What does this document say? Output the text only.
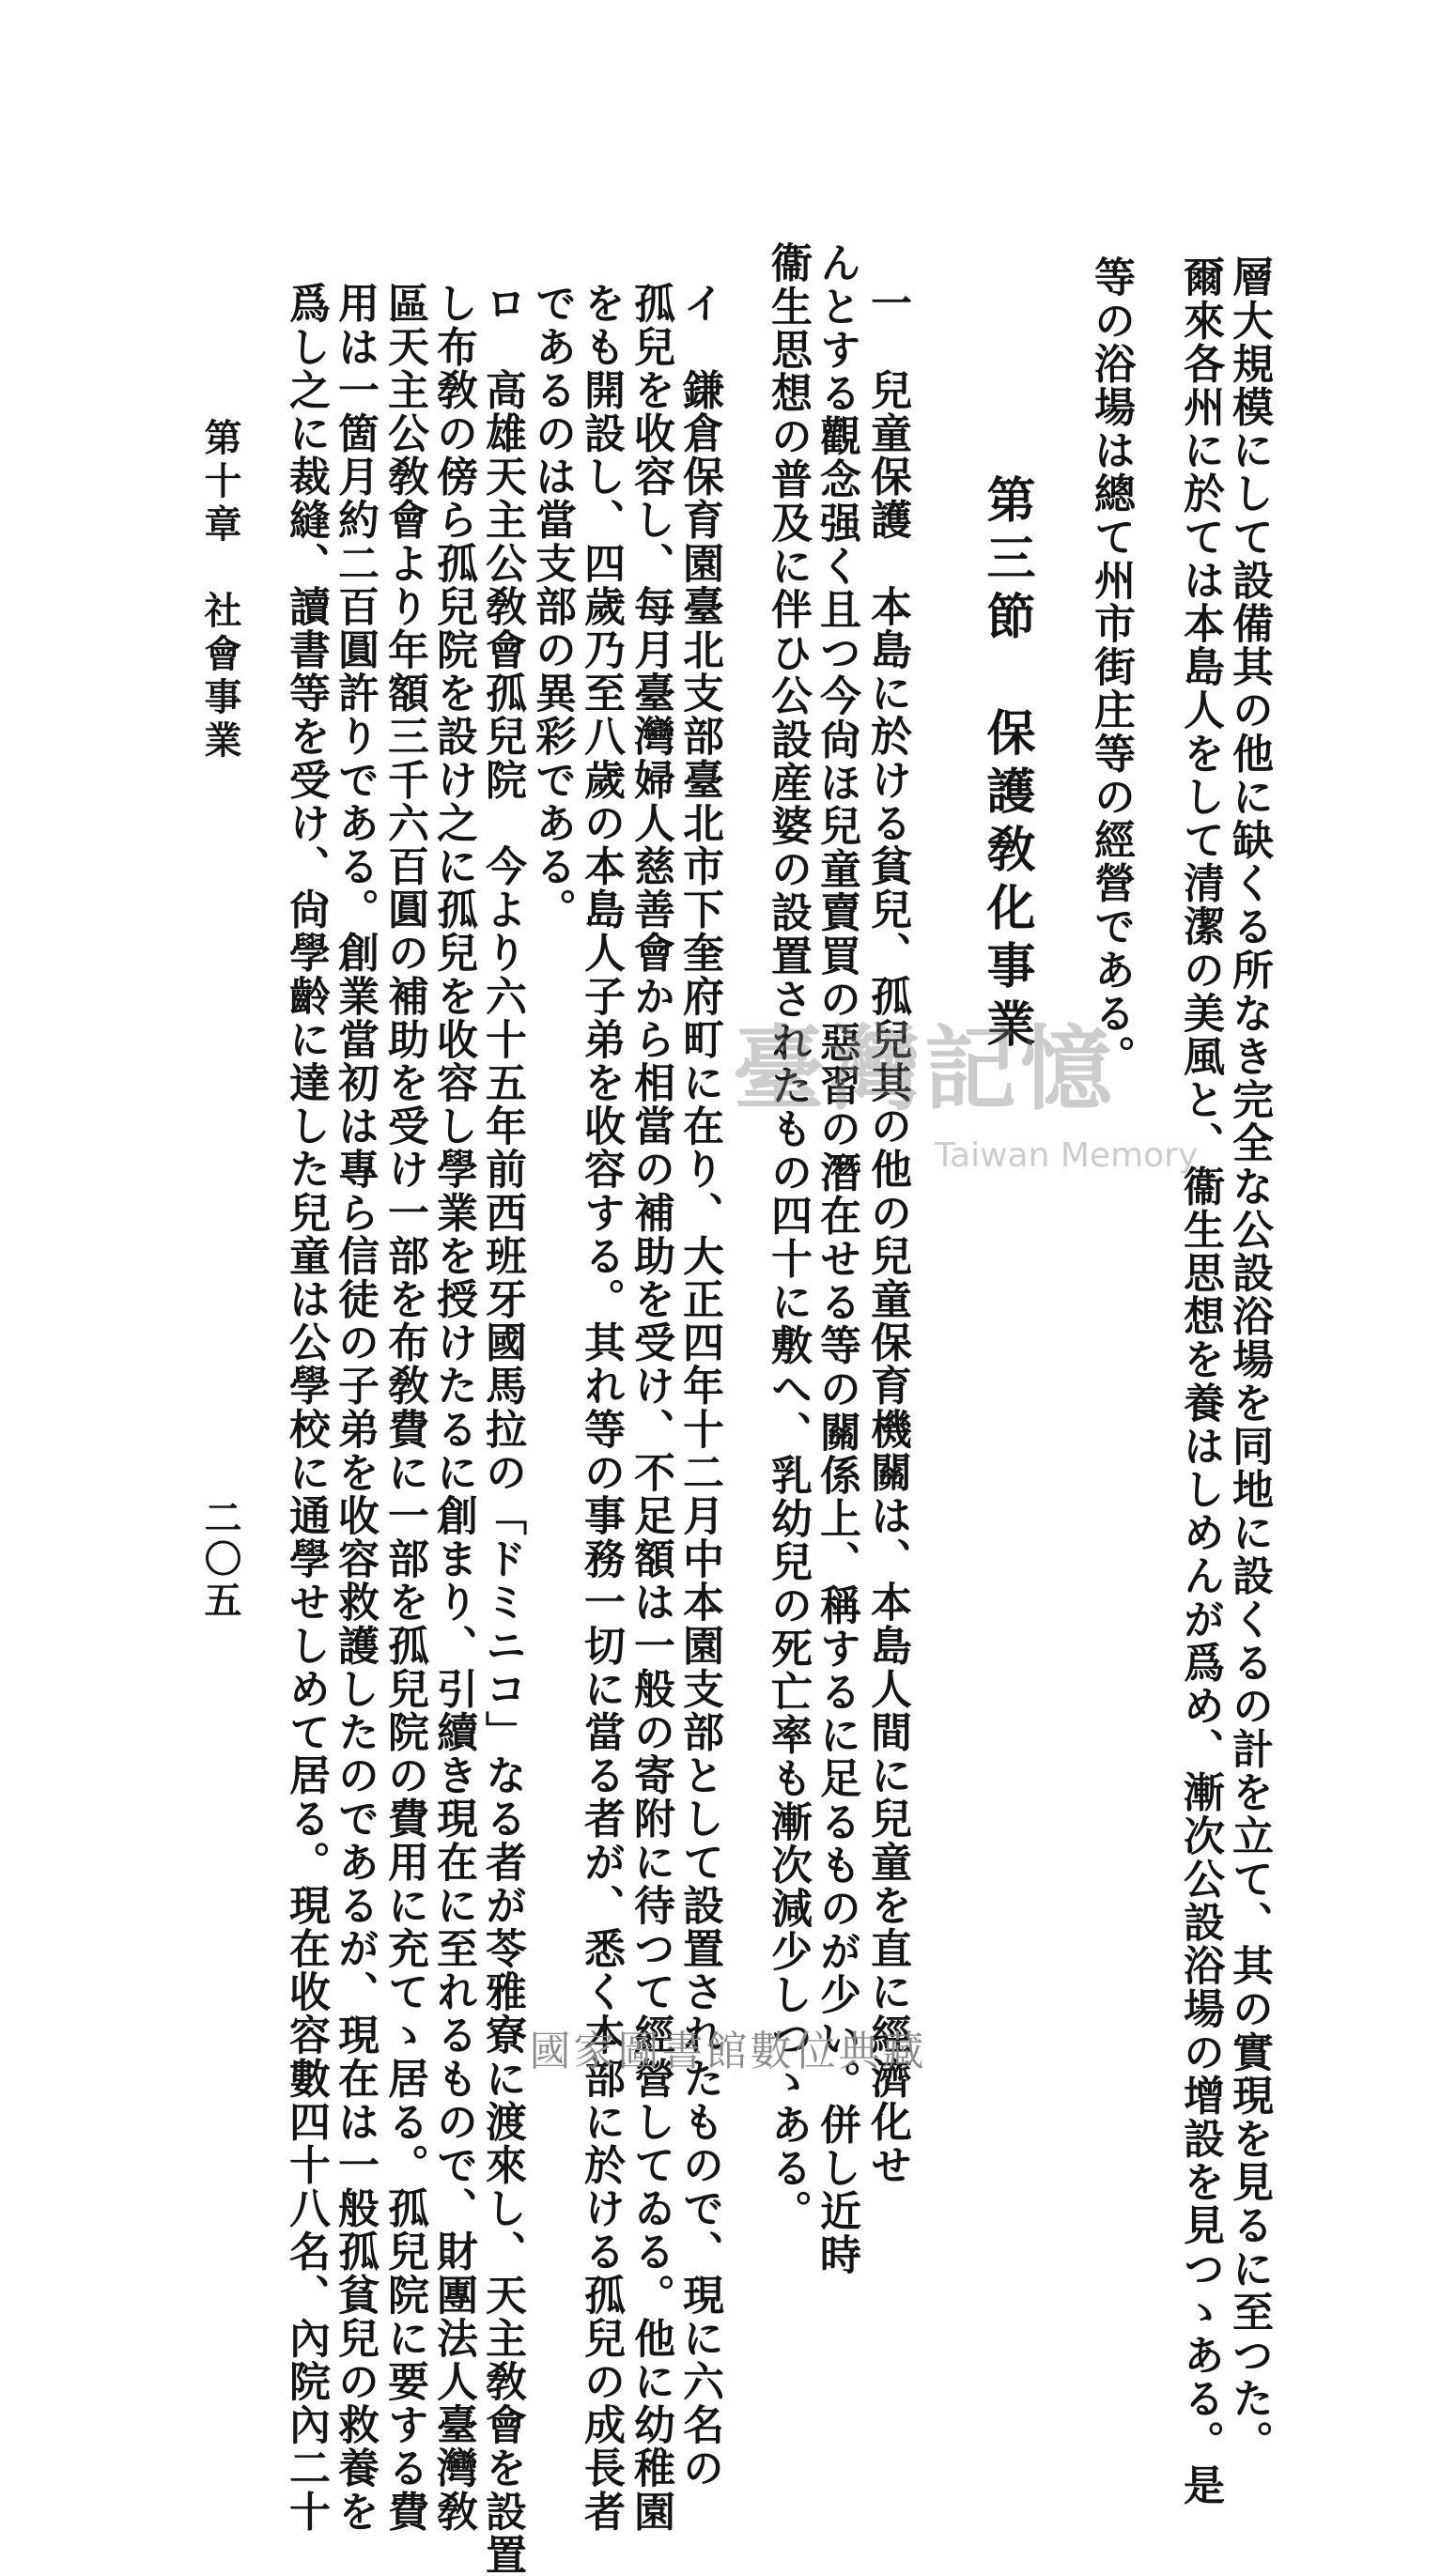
層大規模にして設備其の他に缺くる所なき完全な公設浴場を同地に設くるの計を立て、其の實現を見るに至つた。
爾來各州に於ては本島人をして清潔の美風と、衞生思想を養はしめんが爲め、漸次公設浴場の增設を見つゝある。是
等の浴場は總て州市街庄等の經營である。
第三節　保護敎化事業
一　兒童保護　本島に於ける貧兒、孤兒其の他の兒童保育機關は、本島人間に兒童を直に經濟化せ
んとする觀念强く且つ今尙ほ兒童賣買の惡習の潛在せる等の關係上、稱するに足るものが少い。併し近時
衞生思想の普及に伴ひ公設産婆の設置されたもの四十に敷へ、乳幼兒の死亡率も漸次減少しつゝある。
イ　鎌倉保育園臺北支部臺北市下奎府町に在り、大正四年十二月中本園支部として設置されたもので、現に六名の
孤兒を收容し、每月臺灣婦人慈善會から相當の補助を受け、不足額は一般の寄附に待つて經營してゐる。他に幼稚園
をも開設し、四歲乃至八歲の本島人子弟を收容する。其れ等の事務一切に當る者が、悉く本部に於ける孤兒の成長者
であるのは當支部の異彩である。
ロ　高雄天主公敎會孤兒院　今より六十五年前西班牙國馬拉の「ドミニコ」なる者が苓雅寮に渡來し、天主敎會を設置
し布敎の傍ら孤兒院を設け之に孤兒を收容し學業を授けたるに創まり、引續き現在に至れるもので、財團法人臺灣敎
區天主公敎會より年額三千六百圓の補助を受け一部を布敎費に一部を孤兒院の費用に充てゝ居る。孤兒院に要する費
用は一箇月約二百圓許りである。創業當初は專ら信徒の子弟を收容救護したのであるが、現在は一般孤貧兒の救養を
爲し之に裁縫、讀書等を受け、尙學齡に達した兒童は公學校に通學せしめて居る。現在收容數四十八名、內院內二十
第十章　社會事業
二〇五
臺灣記憶
Taiwan Memory
國家圖書館數位典藏
